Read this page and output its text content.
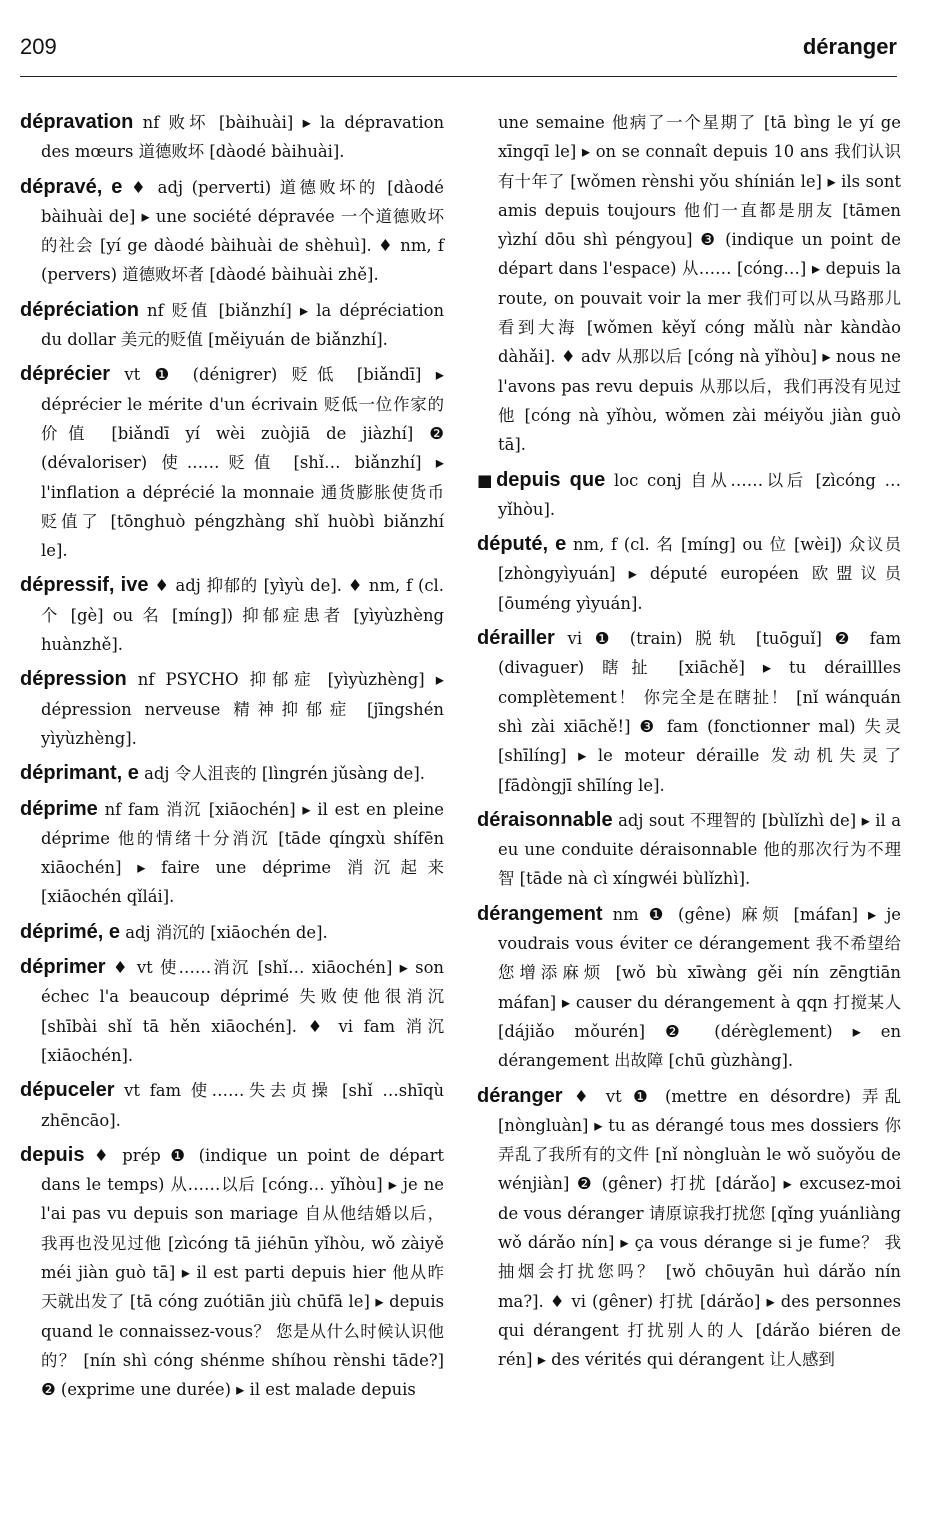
209	déranger

dépravation nf 败坏 [bàihuài] ▸ la dépravation des mœurs 道德败坏 [dàodé bàihuài].

dépravé, e ♦ adj (perverti) 道德败坏的 [dàodé bàihuài de] ▸ une société dépravée 一个道德败坏的社会 [yí ge dàodé bàihuài de shèhuì]. ♦ nm, f (pervers) 道德败坏者 [dàodé bàihuài zhě].

dépréciation nf 贬值 [biǎnzhí] ▸ la dépréciation du dollar 美元的贬值 [měiyuán de biǎnzhí].

déprécier vt ❶ (dénigrer) 贬低 [biǎndī] ▸ déprécier le mérite d'un écrivain 贬低一位作家的价值 [biǎndī yí wèi zuòjiā de jiàzhí] ❷ (dévaloriser) 使……贬值 [shǐ… biǎnzhí] ▸ l'inflation a déprécié la monnaie 通货膨胀使货币贬值了 [tōnghuò péngzhàng shǐ huòbì biǎnzhí le].

dépressif, ive ♦ adj 抑郁的 [yìyù de]. ♦ nm, f (cl. 个 [gè] ou 名 [míng]) 抑郁症患者 [yìyùzhèng huànzhě].

dépression nf PSYCHO 抑郁症 [yìyùzhèng] ▸ dépression nerveuse 精神抑郁症 [jīngshén yìyùzhèng].

déprimant, e adj 令人沮丧的 [lìngrén jǔsàng de].

déprime nf fam 消沉 [xiāochén] ▸ il est en pleine déprime 他的情绪十分消沉 [tāde qíngxù shífēn xiāochén] ▸ faire une déprime 消沉起来 [xiāochén qǐlái].

déprimé, e adj 消沉的 [xiāochén de].

déprimer ♦ vt 使……消沉 [shǐ… xiāochén] ▸ son échec l'a beaucoup déprimé 失败使他很消沉 [shībài shǐ tā hěn xiāochén]. ♦ vi fam 消沉 [xiāochén].

dépuceler vt fam 使……失去贞操 [shǐ …shīqù zhēncāo].

depuis ♦ prép ❶ (indique un point de départ dans le temps) 从……以后 [cóng… yǐhòu] ▸ je ne l'ai pas vu depuis son mariage 自从他结婚以后，我再也没见过他 [zìcóng tā jiéhūn yǐhòu, wǒ zàiyě méi jiàn guò tā] ▸ il est parti depuis hier 他从昨天就出发了 [tā cóng zuótiān jiù chūfā le] ▸ depuis quand le connaissez-vous？ 您是从什么时候认识他的？ [nín shì cóng shénme shíhou rènshi tāde?] ❷ (exprime une durée) ▸ il est malade depuis

une semaine 他病了一个星期了 [tā bìng le yí ge xīngqī le] ▸ on se connaît depuis 10 ans 我们认识有十年了 [wǒmen rènshi yǒu shínián le] ▸ ils sont amis depuis toujours 他们一直都是朋友 [tāmen yìzhí dōu shì péngyou] ❸ (indique un point de départ dans l'espace) 从…… [cóng…] ▸ depuis la route, on pouvait voir la mer 我们可以从马路那儿看到大海 [wǒmen kěyǐ cóng mǎlù nàr kàndào dàhǎi]. ♦ adv 从那以后 [cóng nà yǐhòu] ▸ nous ne l'avons pas revu depuis 从那以后，我们再没有见过他 [cóng nà yǐhòu, wǒmen zài méiyǒu jiàn guò tā].

■depuis que loc conj 自从……以后 [zìcóng … yǐhòu].

député, e nm, f (cl. 名 [míng] ou 位 [wèi]) 众议员 [zhòngyìyuán] ▸ député européen 欧盟议员 [ōuméng yìyuán].

dérailler vi ❶ (train) 脱轨 [tuōguǐ] ❷ fam (divaguer) 瞎扯 [xiāchě] ▸ tu déraillles complètement！ 你完全是在瞎扯！ [nǐ wánquán shì zài xiāchě!] ❸ fam (fonctionner mal) 失灵 [shīlíng] ▸ le moteur déraille 发动机失灵了 [fādòngjī shīlíng le].

déraisonnable adj sout 不理智的 [bùlǐzhì de] ▸ il a eu une conduite déraisonnable 他的那次行为不理智 [tāde nà cì xíngwéi bùlǐzhì].

dérangement nm ❶ (gêne) 麻烦 [máfan] ▸ je voudrais vous éviter ce dérangement 我不希望给您增添麻烦 [wǒ bù xīwàng gěi nín zēngtiān máfan] ▸ causer du dérangement à qqn 打搅某人 [dájiǎo mǒurén] ❷ (dérèglement) ▸ en dérangement 出故障 [chū gùzhàng].

déranger ♦ vt ❶ (mettre en désordre) 弄乱 [nòngluàn] ▸ tu as dérangé tous mes dossiers 你弄乱了我所有的文件 [nǐ nòngluàn le wǒ suǒyǒu de wénjiàn] ❷ (gêner) 打扰 [dárǎo] ▸ excusez-moi de vous déranger 请原谅我打扰您 [qǐng yuánliàng wǒ dárǎo nín] ▸ ça vous dérange si je fume？ 我抽烟会打扰您吗？ [wǒ chōuyān huì dárǎo nín ma?]. ♦ vi (gêner) 打扰 [dárǎo] ▸ des personnes qui dérangent 打扰别人的人 [dárǎo biéren de rén] ▸ des vérités qui dérangent 让人感到
